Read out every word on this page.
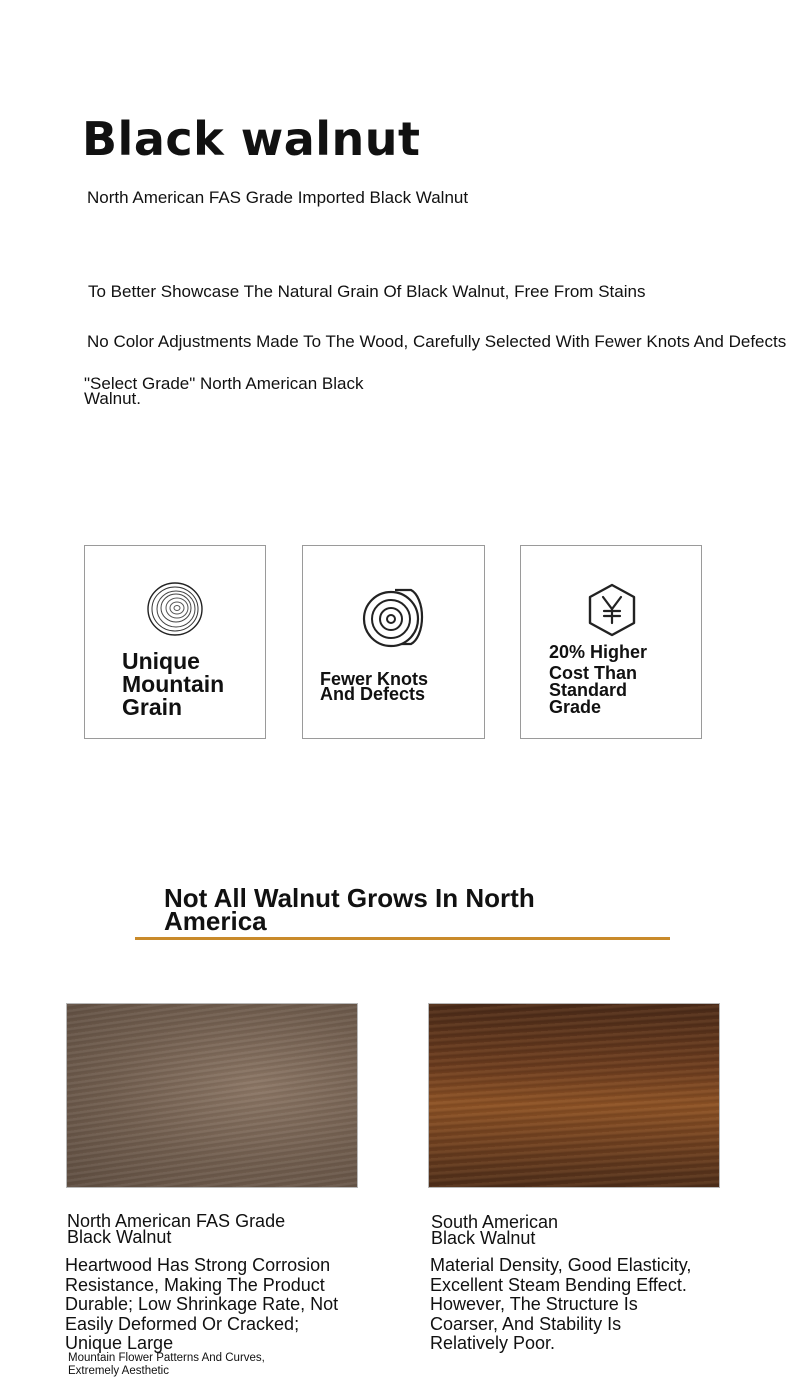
Black walnut
North American FAS Grade Imported Black Walnut
To Better Showcase The Natural Grain Of Black Walnut, Free From Stains
No Color Adjustments Made To The Wood, Carefully Selected With Fewer Knots And Defects
"Select Grade" North American Black
Walnut.
Unique
Mountain
Grain
Fewer Knots
And Defects
20% Higher
Cost Than
Standard
Grade
Not All Walnut Grows In North
America
North American FAS Grade
Black Walnut
Heartwood Has Strong Corrosion
Resistance, Making The Product
Durable; Low Shrinkage Rate, Not
Easily Deformed Or Cracked;
Unique Large
Mountain Flower Patterns And Curves,
Extremely Aesthetic
South American
Black Walnut
Material Density, Good Elasticity,
Excellent Steam Bending Effect.
However, The Structure Is
Coarser, And Stability Is
Relatively Poor.
